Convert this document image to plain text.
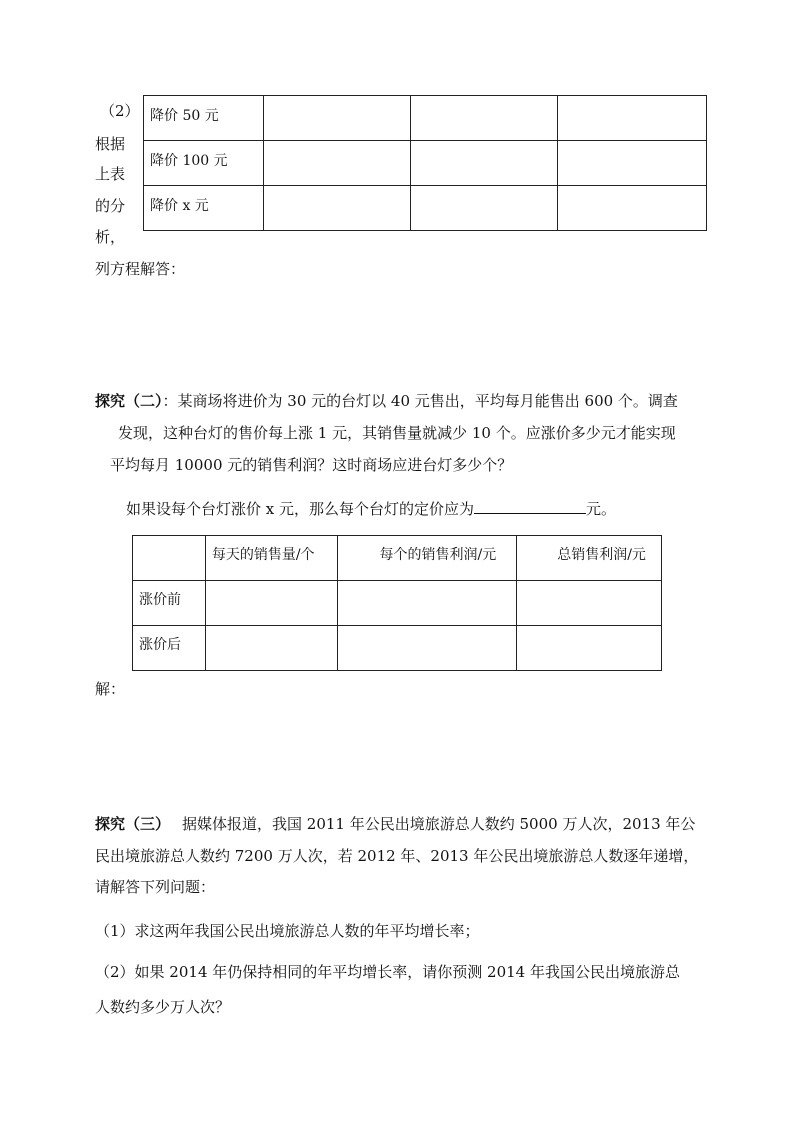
（2）
根据
上表
的分
析，
降价 50 元			

降价 100 元			

降价 x 元			

列方程解答：
探究（二）：某商场将进价为 30 元的台灯以 40 元售出，平均每月能售出 600 个。调查
发现，这种台灯的售价每上涨 1 元，其销售量就减少 10 个。应涨价多少元才能实现
平均每月 10000 元的销售利润？这时商场应进台灯多少个？
如果设每个台灯涨价 x 元，那么每个台灯的定价应为	元。

	每天的销售量/个	每个的销售利润/元	总销售利润/元

涨价前			

涨价后			

解：
探究（三） 据媒体报道，我国 2011 年公民出境旅游总人数约 5000 万人次，2013 年公
民出境旅游总人数约 7200 万人次，若 2012 年、2013 年公民出境旅游总人数逐年递增，
请解答下列问题：
（1）求这两年我国公民出境旅游总人数的年平均增长率；
（2）如果 2014 年仍保持相同的年平均增长率，请你预测 2014 年我国公民出境旅游总
人数约多少万人次？
